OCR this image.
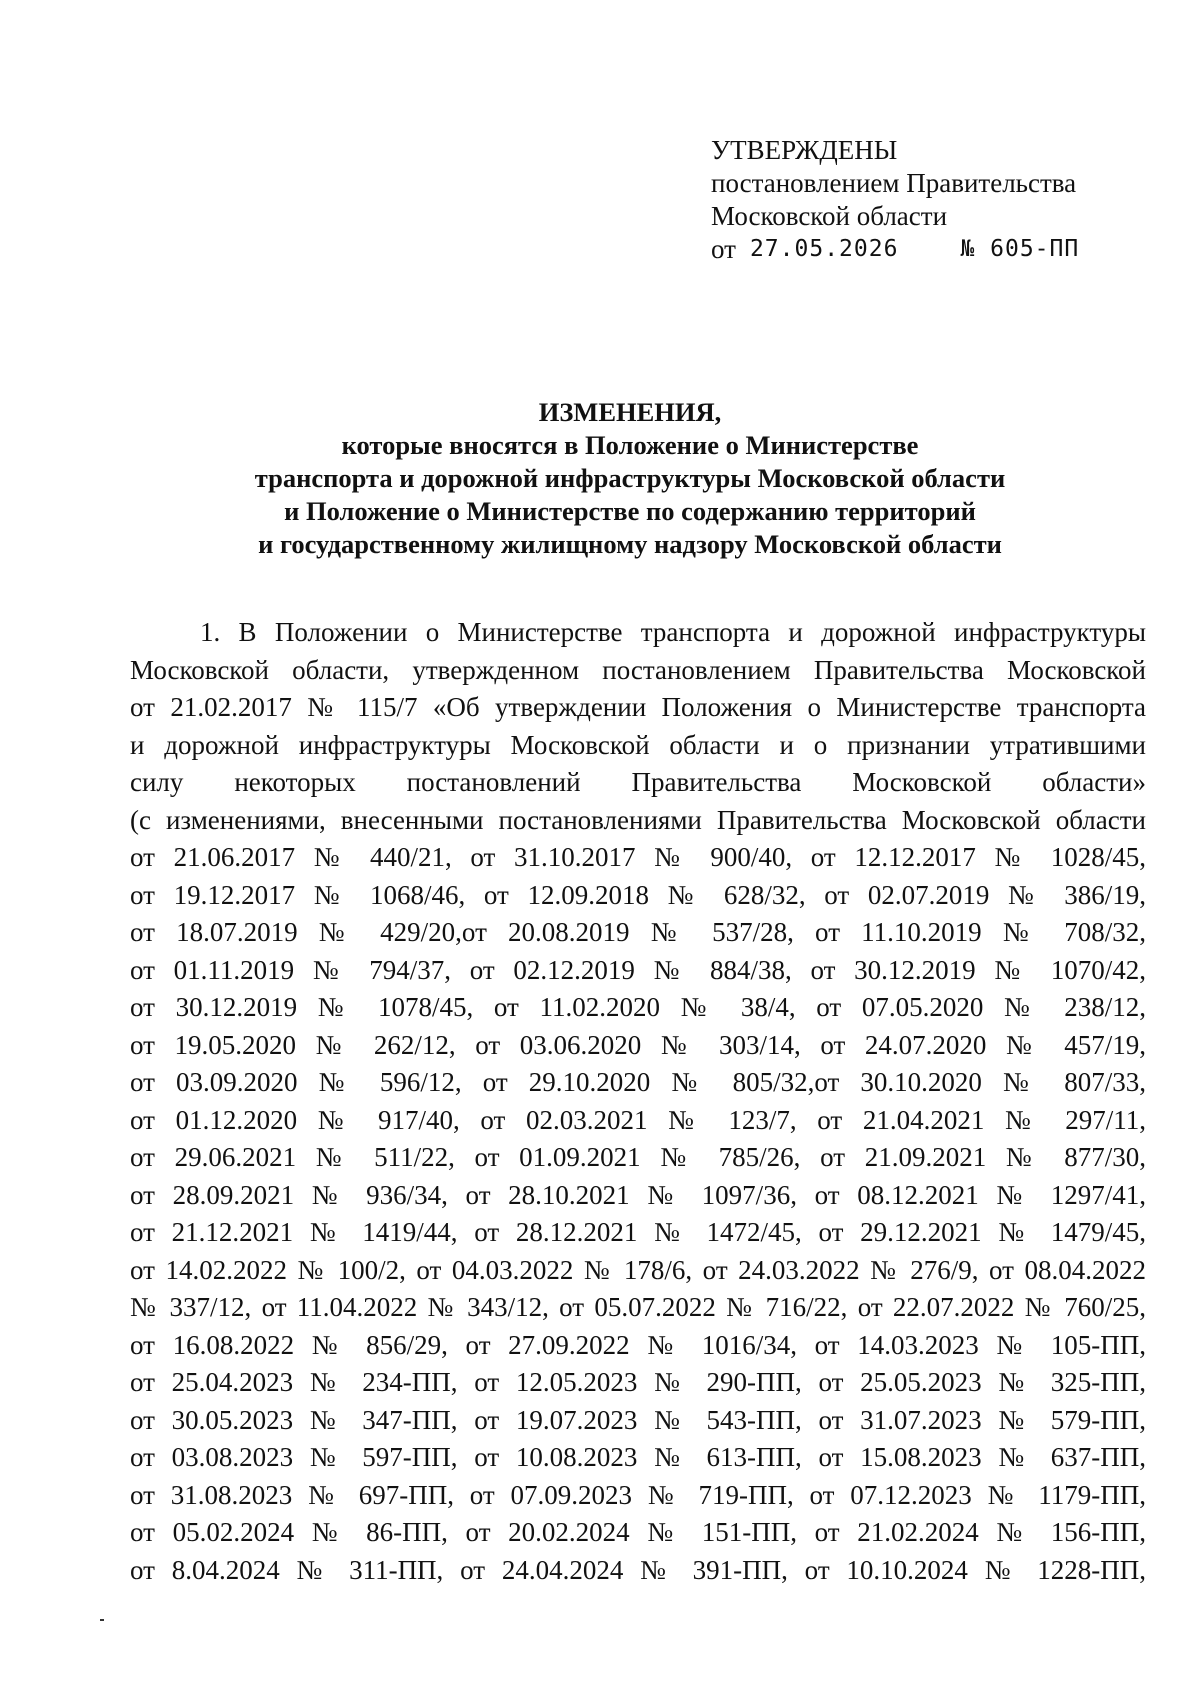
УТВЕРЖДЕНЫ
постановлением Правительства
Московской области
от 27.05.2026	№ 605-ПП
ИЗМЕНЕНИЯ,
которые вносятся в Положение о Министерстве
транспорта и дорожной инфраструктуры Московской области
и Положение о Министерстве по содержанию территорий
и государственному жилищному надзору Московской области
1. В Положении о Министерстве транспорта и дорожной инфраструктуры
Московской области, утвержденном постановлением Правительства Московской
от 21.02.2017 № 115/7 «Об утверждении Положения о Министерстве транспорта
и дорожной инфраструктуры Московской области и о признании утратившими
силу некоторых постановлений Правительства Московской области»
(с изменениями, внесенными постановлениями Правительства Московской области
от 21.06.2017 № 440/21, от 31.10.2017 № 900/40, от 12.12.2017 № 1028/45,
от 19.12.2017 № 1068/46, от 12.09.2018 № 628/32, от 02.07.2019 № 386/19,
от 18.07.2019 № 429/20,от 20.08.2019 № 537/28, от 11.10.2019 № 708/32,
от 01.11.2019 № 794/37, от 02.12.2019 № 884/38, от 30.12.2019 № 1070/42,
от 30.12.2019 № 1078/45, от 11.02.2020 № 38/4, от 07.05.2020 № 238/12,
от 19.05.2020 № 262/12, от 03.06.2020 № 303/14, от 24.07.2020 № 457/19,
от 03.09.2020 № 596/12, от 29.10.2020 № 805/32,от 30.10.2020 № 807/33,
от 01.12.2020 № 917/40, от 02.03.2021 № 123/7, от 21.04.2021 № 297/11,
от 29.06.2021 № 511/22, от 01.09.2021 № 785/26, от 21.09.2021 № 877/30,
от 28.09.2021 № 936/34, от 28.10.2021 № 1097/36, от 08.12.2021 № 1297/41,
от 21.12.2021 № 1419/44, от 28.12.2021 № 1472/45, от 29.12.2021 № 1479/45,
от 14.02.2022 № 100/2, от 04.03.2022 № 178/6, от 24.03.2022 № 276/9, от 08.04.2022
№ 337/12, от 11.04.2022 № 343/12, от 05.07.2022 № 716/22, от 22.07.2022 № 760/25,
от 16.08.2022 № 856/29, от 27.09.2022 № 1016/34, от 14.03.2023 № 105-ПП,
от 25.04.2023 № 234-ПП, от 12.05.2023 № 290-ПП, от 25.05.2023 № 325-ПП,
от 30.05.2023 № 347-ПП, от 19.07.2023 № 543-ПП, от 31.07.2023 № 579-ПП,
от 03.08.2023 № 597-ПП, от 10.08.2023 № 613-ПП, от 15.08.2023 № 637-ПП,
от 31.08.2023 № 697-ПП, от 07.09.2023 № 719-ПП, от 07.12.2023 № 1179-ПП,
от 05.02.2024 № 86-ПП, от 20.02.2024 № 151-ПП, от 21.02.2024 № 156-ПП,
от 8.04.2024 № 311-ПП, от 24.04.2024 № 391-ПП, от 10.10.2024 № 1228-ПП,
